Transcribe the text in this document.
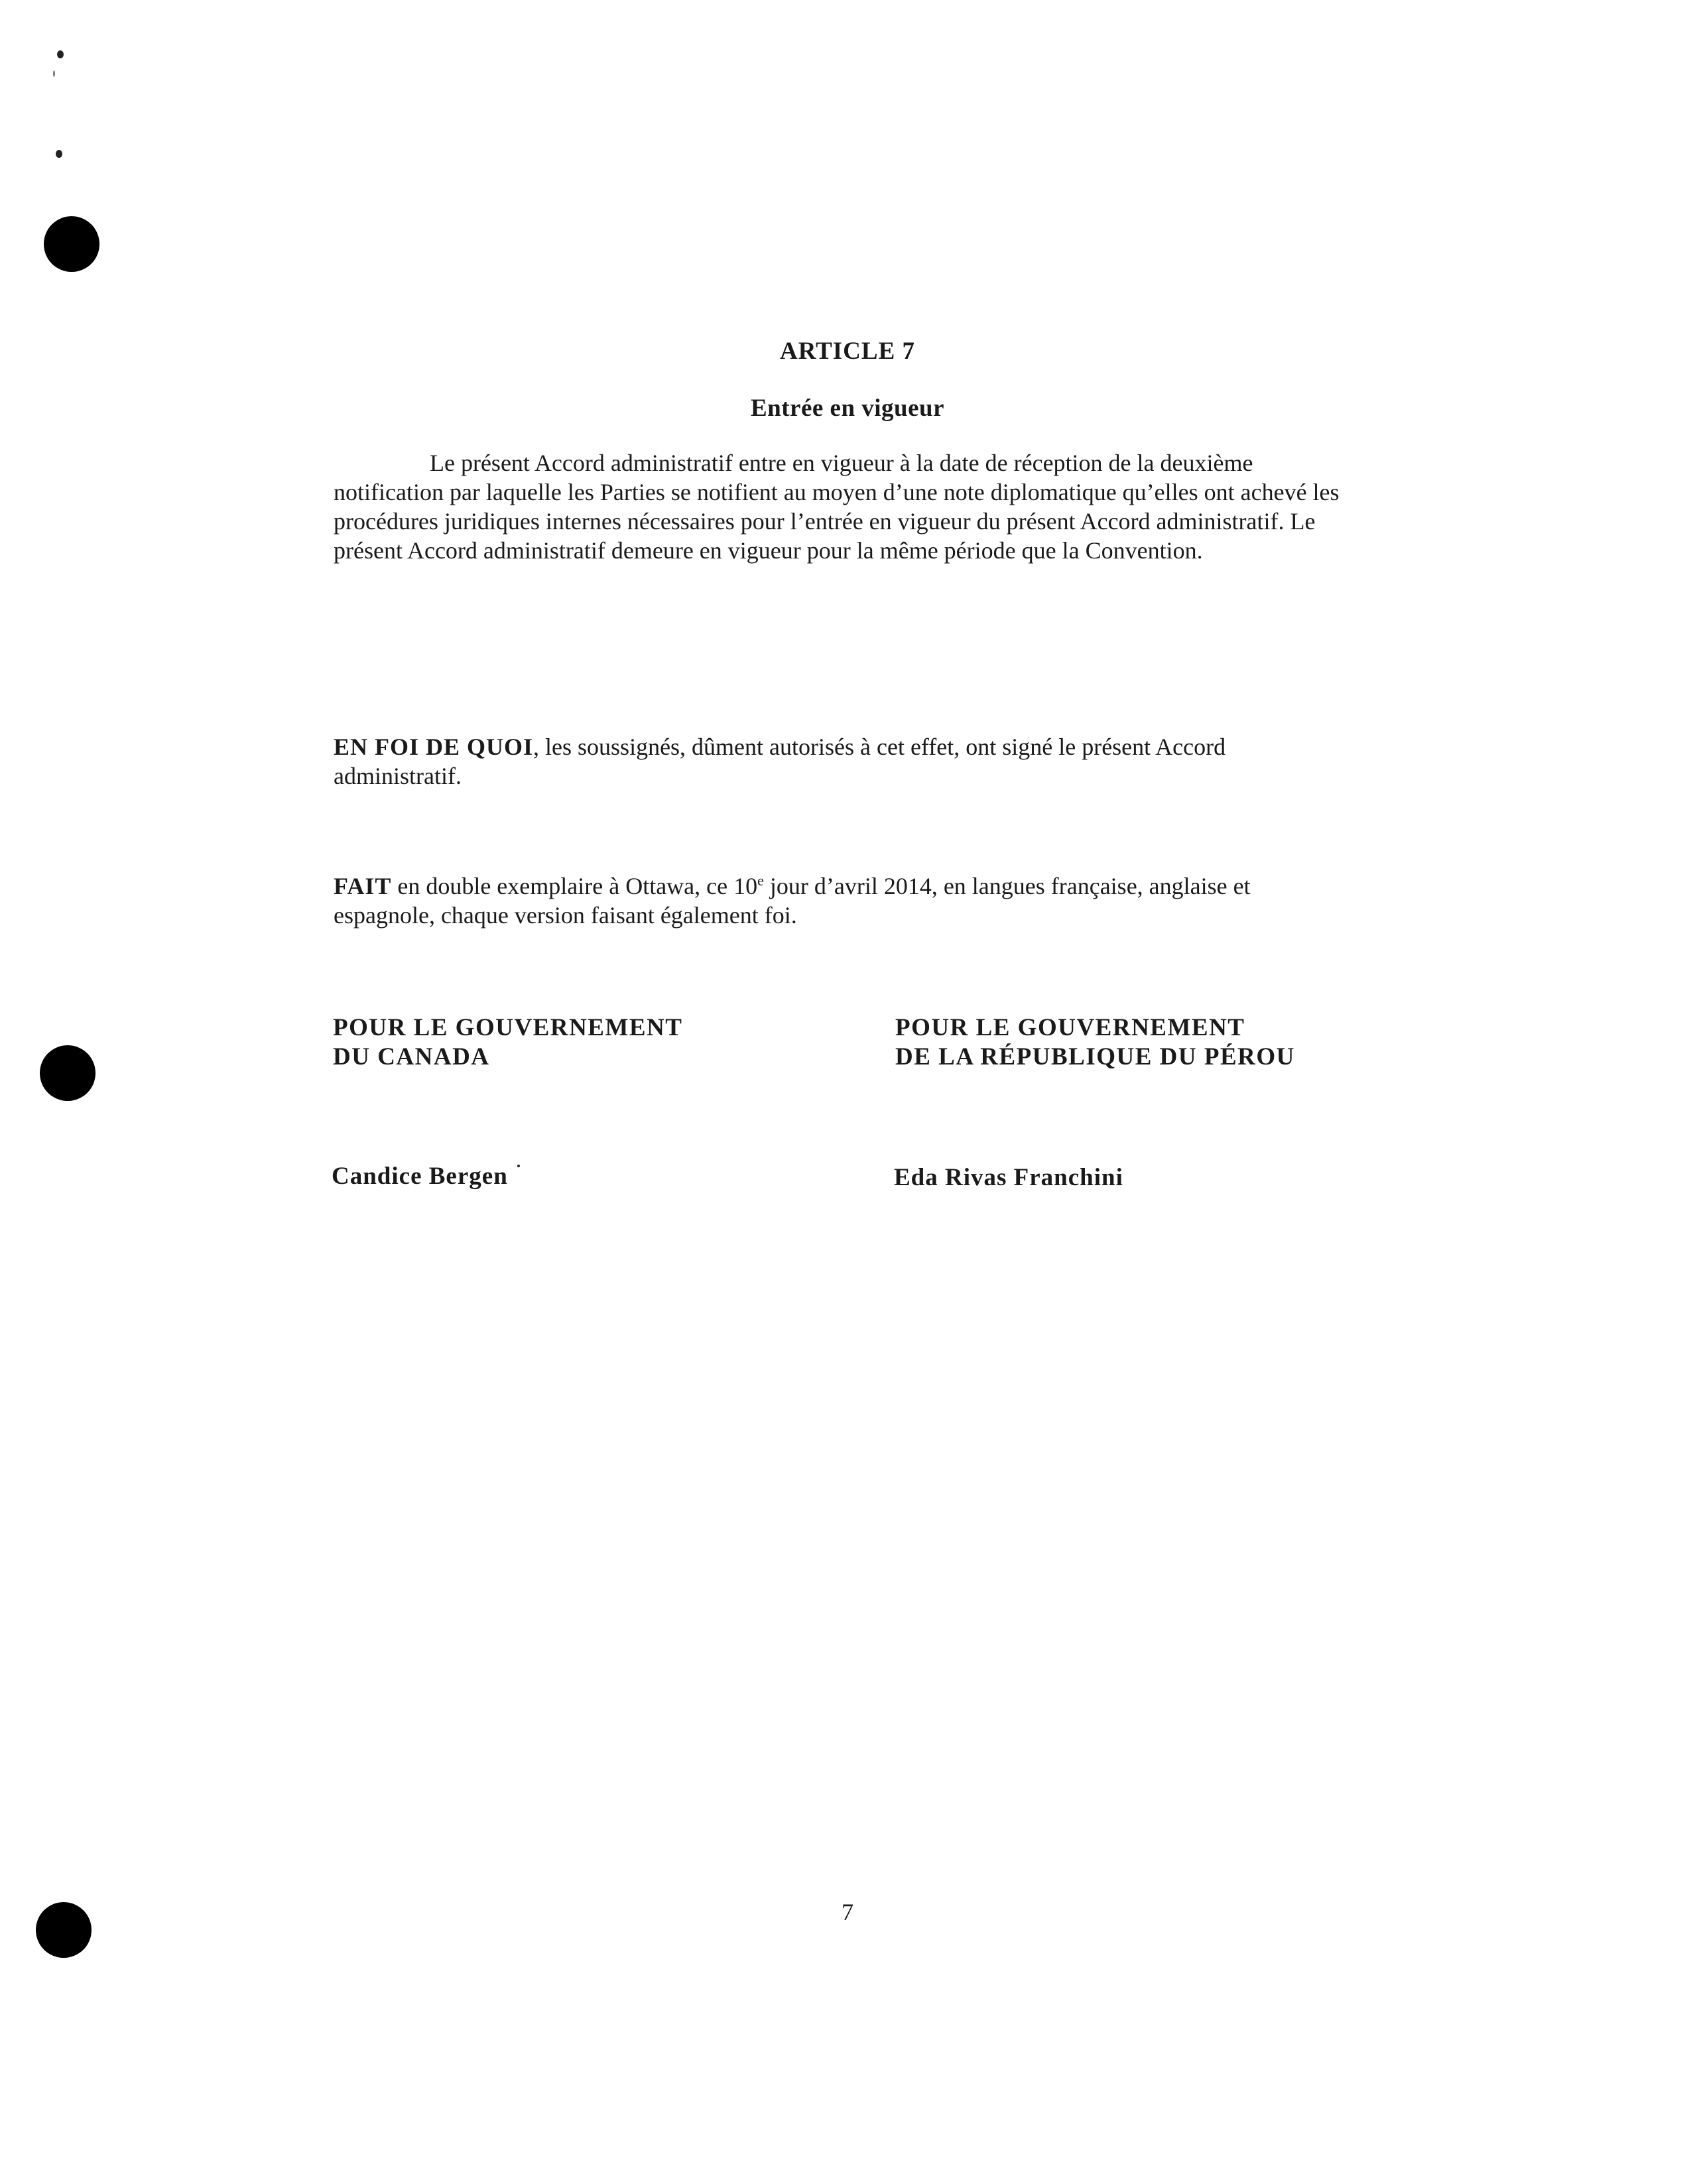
ARTICLE 7
Entrée en vigueur
Le présent Accord administratif entre en vigueur à la date de réception de la deuxième notification par laquelle les Parties se notifient au moyen d’une note diplomatique qu’elles ont achevé les procédures juridiques internes nécessaires pour l’entrée en vigueur du présent Accord administratif. Le présent Accord administratif demeure en vigueur pour la même période que la Convention.
EN FOI DE QUOI, les soussignés, dûment autorisés à cet effet, ont signé le présent Accord administratif.
FAIT en double exemplaire à Ottawa, ce 10e jour d’avril 2014, en langues française, anglaise et espagnole, chaque version faisant également foi.
POUR LE GOUVERNEMENT
DU CANADA
POUR LE GOUVERNEMENT
DE LA RÉPUBLIQUE DU PÉROU
Candice Bergen	Eda Rivas Franchini
7
